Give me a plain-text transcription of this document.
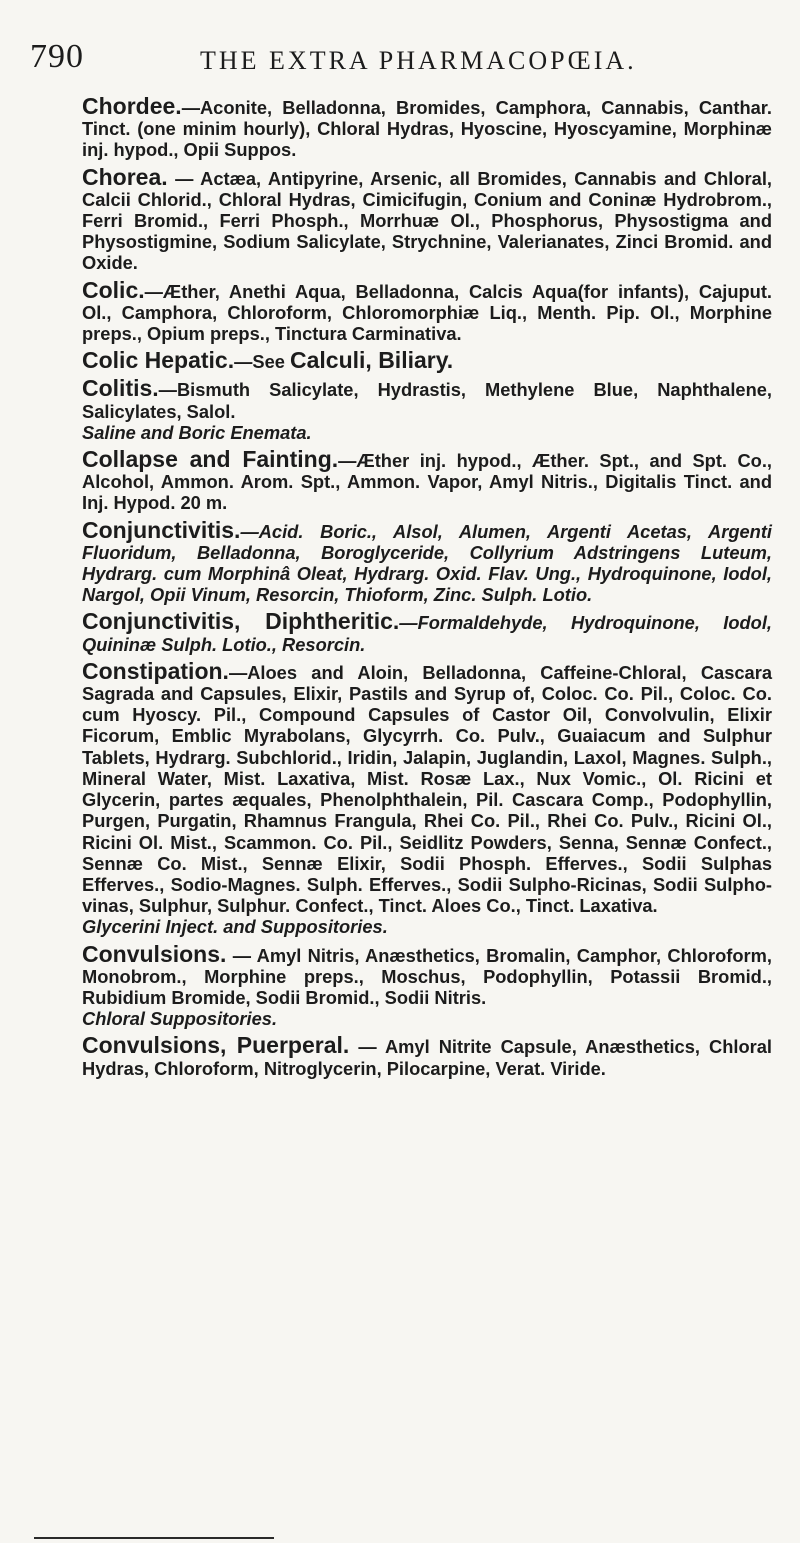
790	THE EXTRA PHARMACOPŒIA.

Chordee.—Aconite, Belladonna, Bromides, Camphora, Cannabis, Canthar. Tinct. (one minim hourly), Chloral Hydras, Hyoscine, Hyoscyamine, Morphinæ inj. hypod., Opii Suppos.

Chorea. — Actæa, Antipyrine, Arsenic, all Bromides, Cannabis and Chloral, Calcii Chlorid., Chloral Hydras, Cimicifugin, Conium and Coninæ Hydrobrom., Ferri Bromid., Ferri Phosph., Morrhuæ Ol., Phosphorus, Physostigma and Physostigmine, Sodium Salicylate, Strychnine, Valerianates, Zinci Bromid. and Oxide.

Colic.—Æther, Anethi Aqua, Belladonna, Calcis Aqua(for infants), Cajuput. Ol., Camphora, Chloroform, Chloromorphiæ Liq., Menth. Pip. Ol., Morphine preps., Opium preps., Tinctura Carminativa.

Colic Hepatic.—See Calculi, Biliary.

Colitis.—Bismuth Salicylate, Hydrastis, Methylene Blue, Naphthalene, Salicylates, Salol.
Saline and Boric Enemata.

Collapse and Fainting.—Æther inj. hypod., Æther. Spt., and Spt. Co., Alcohol, Ammon. Arom. Spt., Ammon. Vapor, Amyl Nitris., Digitalis Tinct. and Inj. Hypod. 20 m.

Conjunctivitis.—Acid. Boric., Alsol, Alumen, Argenti Acetas, Argenti Fluoridum, Belladonna, Boroglyceride, Collyrium Adstringens Luteum, Hydrarg. cum Morphinâ Oleat, Hydrarg. Oxid. Flav. Ung., Hydroquinone, Iodol, Nargol, Opii Vinum, Resorcin, Thioform, Zinc. Sulph. Lotio.

Conjunctivitis, Diphtheritic.—Formaldehyde, Hydroquinone, Iodol, Quininæ Sulph. Lotio., Resorcin.

Constipation.—Aloes and Aloin, Belladonna, Caffeine-Chloral, Cascara Sagrada and Capsules, Elixir, Pastils and Syrup of, Coloc. Co. Pil., Coloc. Co. cum Hyoscy. Pil., Compound Capsules of Castor Oil, Convolvulin, Elixir Ficorum, Emblic Myrabolans, Glycyrrh. Co. Pulv., Guaiacum and Sulphur Tablets, Hydrarg. Subchlorid., Iridin, Jalapin, Juglandin, Laxol, Magnes. Sulph., Mineral Water, Mist. Laxativa, Mist. Rosæ Lax., Nux Vomic., Ol. Ricini et Glycerin, partes æquales, Phenolphthalein, Pil. Cascara Comp., Podophyllin, Purgen, Purgatin, Rhamnus Frangula, Rhei Co. Pil., Rhei Co. Pulv., Ricini Ol., Ricini Ol. Mist., Scammon. Co. Pil., Seidlitz Powders, Senna, Sennæ Confect., Sennæ Co. Mist., Sennæ Elixir, Sodii Phosph. Efferves., Sodii Sulphas Efferves., Sodio-Magnes. Sulph. Efferves., Sodii Sulpho-Ricinas, Sodii Sulpho-vinas, Sulphur, Sulphur. Confect., Tinct. Aloes Co., Tinct. Laxativa.
Glycerini Inject. and Suppositories.

Convulsions. — Amyl Nitris, Anæsthetics, Bromalin, Camphor, Chloroform, Monobrom., Morphine preps., Moschus, Podophyllin, Potassii Bromid., Rubidium Bromide, Sodii Bromid., Sodii Nitris.
Chloral Suppositories.

Convulsions, Puerperal. — Amyl Nitrite Capsule, Anæsthetics, Chloral Hydras, Chloroform, Nitroglycerin, Pilocarpine, Verat. Viride.
